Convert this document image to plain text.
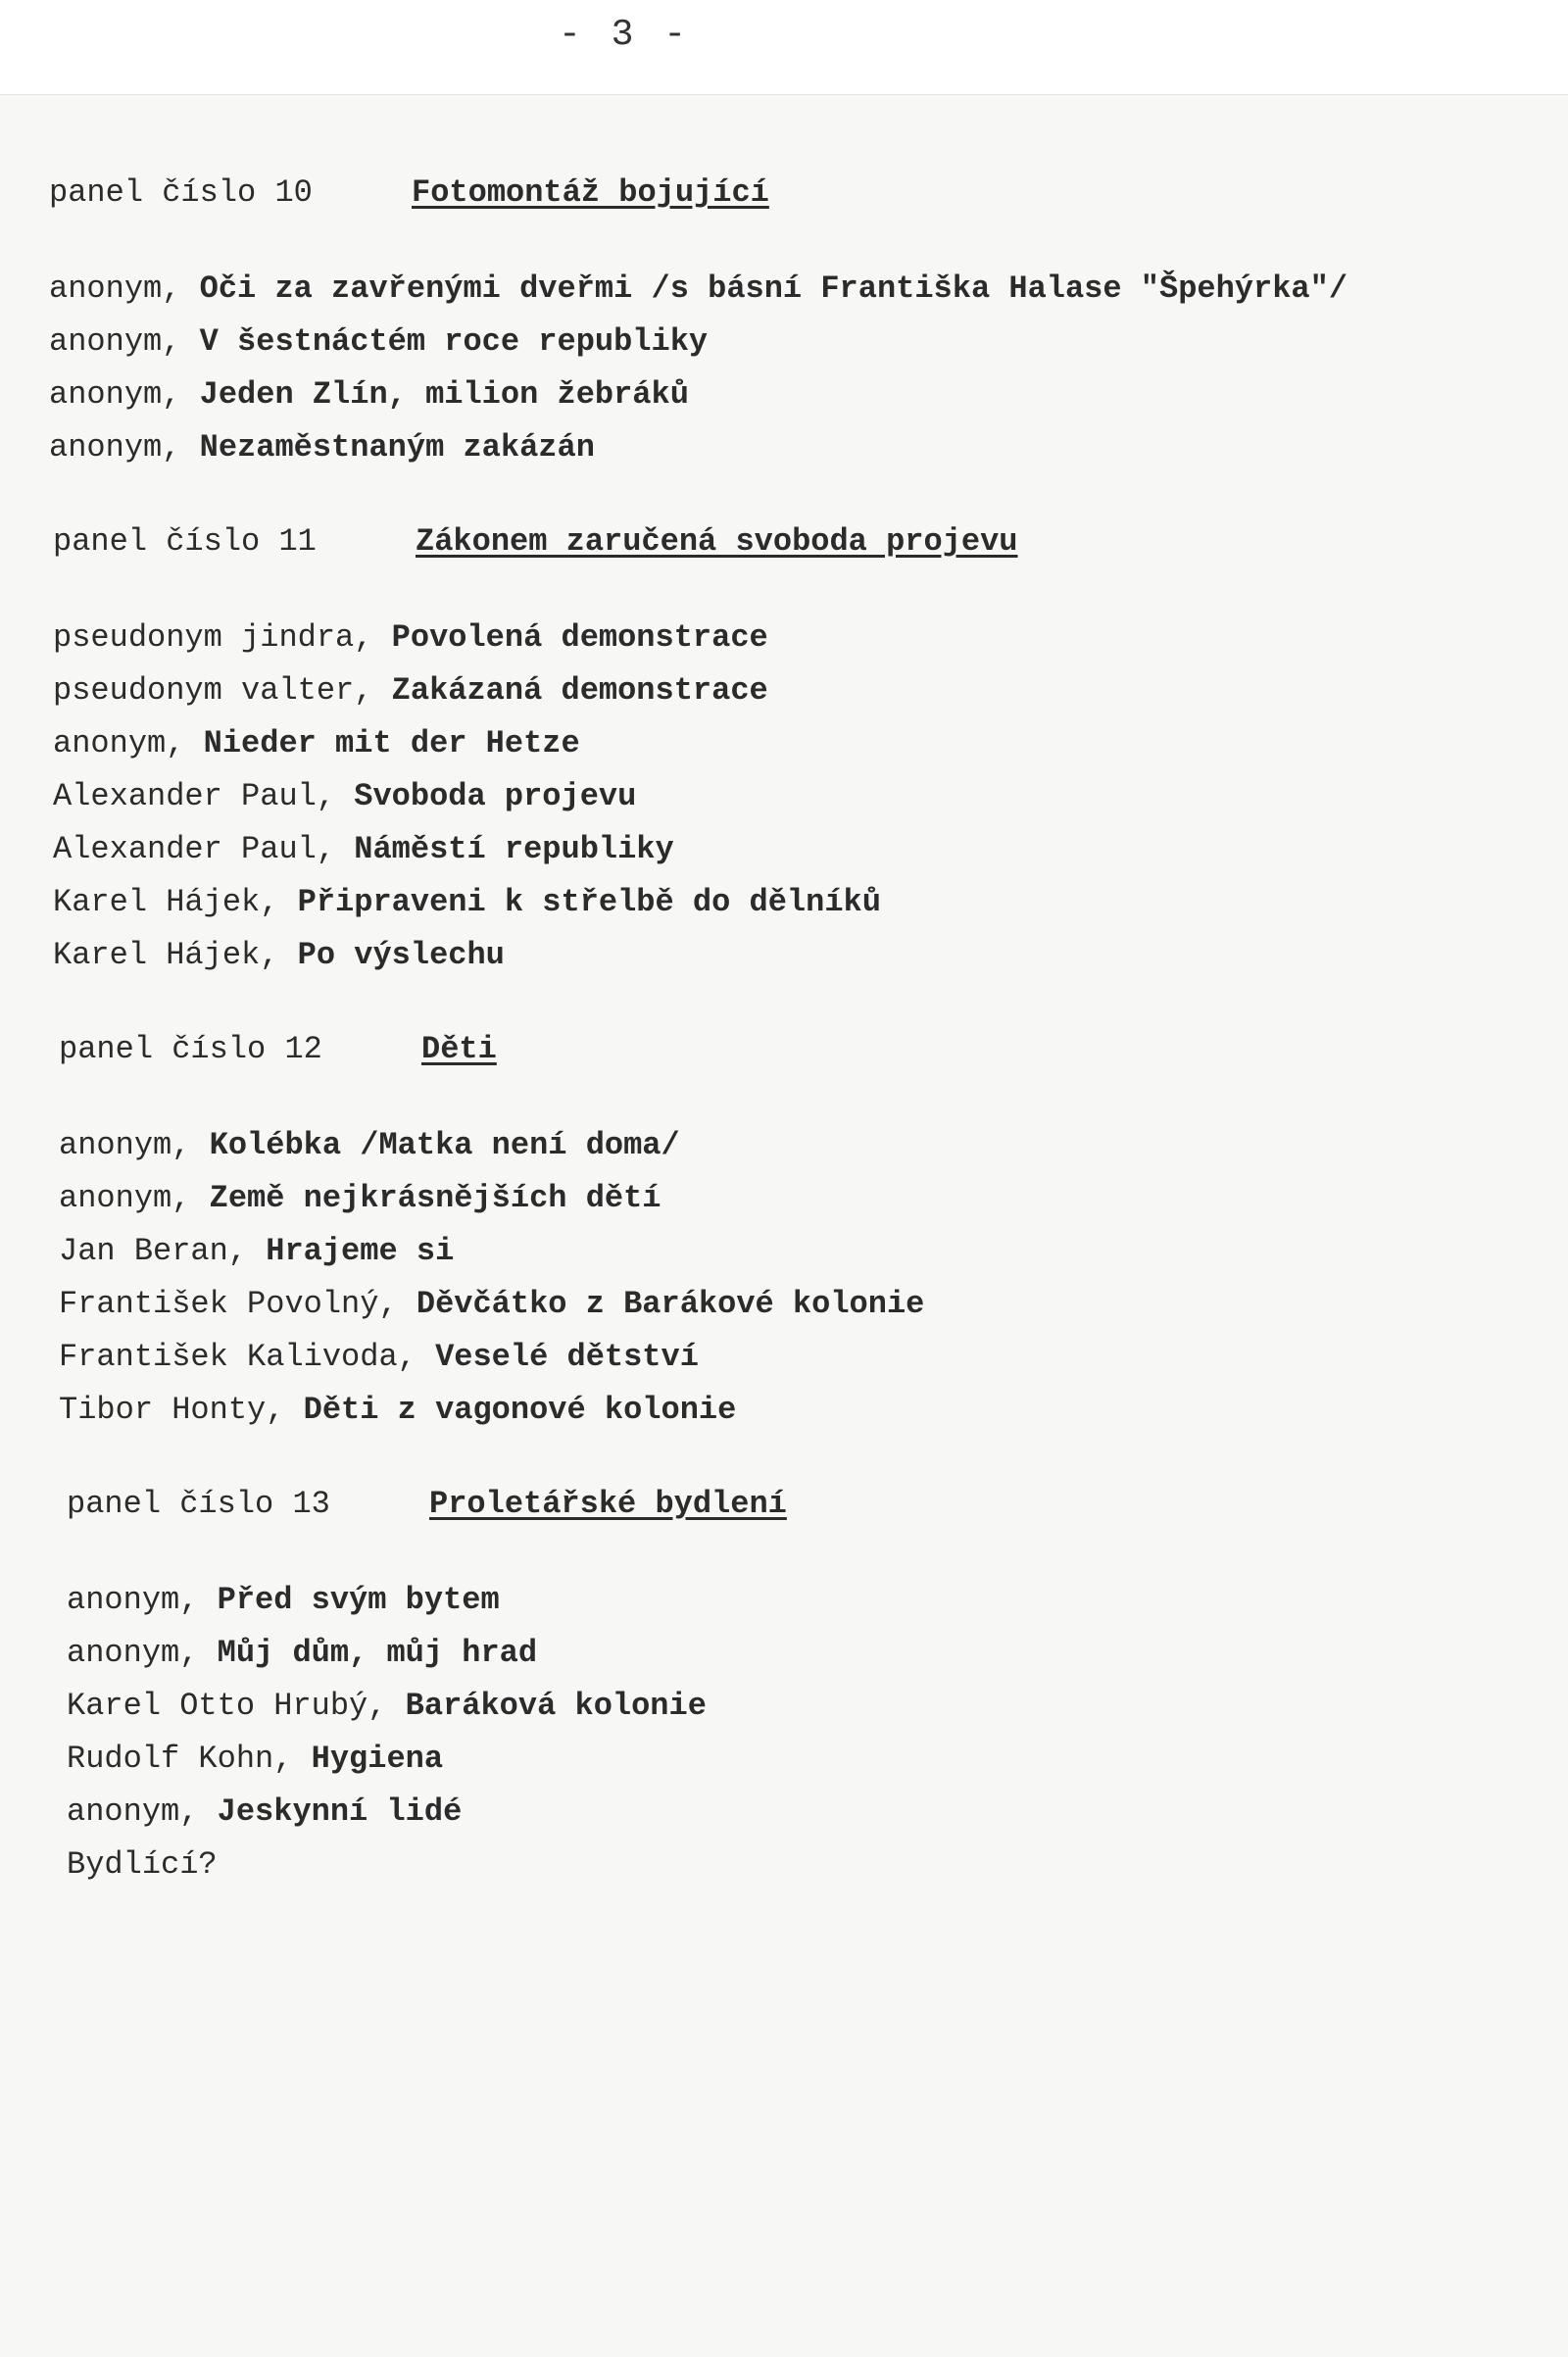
- 3 -
panel číslo 10	Fotomontáž bojující
anonym , Oči za zavřenými dveřmi /s básní Františka Halase "Špehýrka"/
anonym , V šestnáctém roce republiky
anonym , Jeden Zlín, milion žebráků
anonym , Nezaměstnaným zakázán
panel číslo 11	Zákonem zaručená svoboda projevu
pseudonym jindra , Povolená demonstrace
pseudonym valter , Zakázaná demonstrace
anonym , Nieder mit der Hetze
Alexander Paul , Svoboda projevu
Alexander Paul , Náměstí republiky
Karel Hájek , Připraveni k střelbě do dělníků
Karel Hájek , Po výslechu
panel číslo 12	Děti
anonym , Kolébka /Matka není doma/
anonym , Země nejkrásnějších dětí
Jan Beran , Hrajeme si
František Povolný , Děvčátko z Barákové kolonie
František Kalivoda , Veselé dětství
Tibor Honty , Děti z vagonové kolonie
panel číslo 13	Proletářské bydlení
anonym , Před svým bytem
anonym , Můj dům, můj hrad
Karel Otto Hrubý , Baráková kolonie
Rudolf Kohn , Hygiena
anonym , Jeskynní lidé
Bydlící?
